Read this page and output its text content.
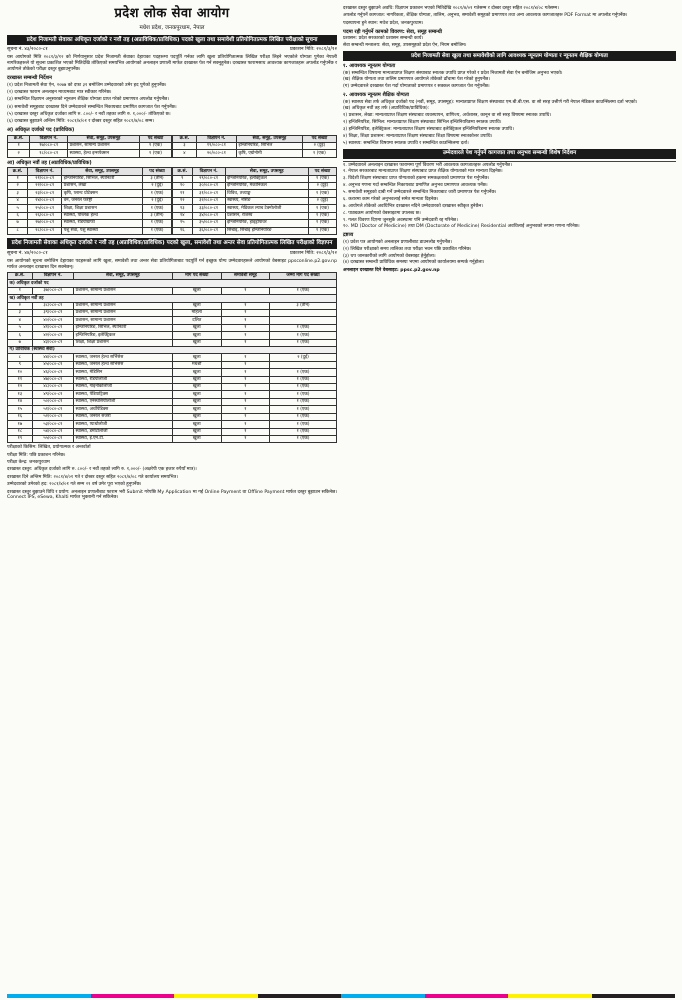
प्रदेश लोक सेवा आयोग
मधेश प्रदेश, जनकपुरधाम, नेपाल
प्रदेश निजामती सेवाका अधिकृत दर्जाको र नवौं तह (अप्राविधिक/प्राविधिक) पदको खुला तथा समावेशी प्रतियोगितात्मक लिखित परीक्षाको सूचना
सूचना नं. ४३/२०८०-८१	प्रकाशन मिति: २०८१/३/१२

यस आयोगको मिति २०८१/३/१२ को निर्णयानुसार प्रदेश निजामती सेवाका देहायका पदहरूमा पदपूर्ति गर्नका लागि खुला प्रतियोगितात्मक लिखित परीक्षा लिइने भएकोले योग्यता पुगेका नेपाली नागरिकहरूले यो सूचना प्रकाशित भएको मितिदेखि तोकिएको समयभित्र आयोगको अनलाइन प्रणाली मार्फत दरखास्त पेश गर्न सक्नुहुनेछ। दरखास्त फारामसाथ आवश्यक कागजातहरू अपलोड गर्नुपर्नेछ र आयोगले तोकेको परीक्षा दस्तुर बुझाउनुपर्नेछ।

दरखास्त सम्बन्धी निर्देशन

(१) प्रदेश निजामती सेवा ऐन, २०७७ को दफा ३१ बमोजिम उम्मेदवारको उमेर हद पुगेको हुनुपर्नेछ।

(२) दरखास्त फाराम अनलाइन माध्यमबाट मात्र स्वीकार गरिनेछ।

(३) सम्बन्धित विज्ञापन अनुसारको न्यूनतम शैक्षिक योग्यता प्राप्त गरेको प्रमाणपत्र अपलोड गर्नुपर्नेछ।

(४) समावेशी समूहबाट दरखास्त दिने उम्मेदवारले सम्बन्धित निकायबाट प्रमाणित कागजात पेश गर्नुपर्नेछ।

(५) दरखास्त दस्तुर अधिकृत दर्जाका लागि रु. ८००/- र नवौं तहका लागि रु. १,०००/- तोकिएको छ।

(६) दरखास्त बुझाउने अन्तिम मिति: २०८१/४/०१ र दोब्बर दस्तुर सहित २०८१/४/०८ सम्म।

अ) अधिकृत दर्जाको पद (प्राविधिक)
क्र.सं.	विज्ञापन नं.	सेवा, समूह, उपसमूह	पद संख्या
१	१७/०८०-८१	प्रशासन, सामान्य प्रशासन	१ (एक)
२	१८/०८०-८१	स्वास्थ्य, हेल्थ इन्सपेक्सन	१ (एक)
क्र.सं.	विज्ञापन नं.	सेवा, समूह, उपसमूह	पद संख्या
३	१९/०८०-८१	इन्जिनियरिङ, सिभिल	२ (दुई)
४	२०/०८०-८१	कृषि, एग्रोनोमी	१ (एक)
आ) अधिकृत नवौं तह (अप्राविधिक/प्राविधिक)
क्र.सं.	विज्ञापन नं.	सेवा, समूह, उपसमूह	पद संख्या
१	२१/०८०-८१	इन्जिनियरिङ, सिभिल, स्यानिटरी	३ (तीन)
२	२२/०८०-८१	प्रशासन, लेखा	२ (दुई)
३	२३/०८०-८१	कृषि, प्लान्ट प्रोटेक्सन	१ (एक)
४	२४/०८०-८१	वन, जनरल फरेष्ट्री	२ (दुई)
५	२५/०८०-८१	शिक्षा, शिक्षा प्रशासन	१ (एक)
६	२६/०८०-८१	स्वास्थ्य, पब्लिक हेल्थ	३ (तीन)
७	२७/०८०-८१	स्वास्थ्य, रेडियोग्राफी	१ (एक)
८	२८/०८०-८१	पशु सेवा, पशु स्वास्थ्य	१ (एक)
क्र.सं.	विज्ञापन नं.	सेवा, समूह, उपसमूह	पद संख्या
९	२९/०८०-८१	इन्जिनियरिङ, इलेक्ट्रिकल	१ (एक)
१०	३०/०८०-८१	इन्जिनियरिङ, मेकानिकल	२ (दुई)
११	३१/०८०-८१	विविध, तथ्याङ्क	१ (एक)
१२	३२/०८०-८१	स्वास्थ्य, नर्सिङ	२ (दुई)
१३	३३/०८०-८१	स्वास्थ्य, मेडिकल ल्याब टेक्नोलोजी	१ (एक)
१४	३४/०८०-८१	प्रशासन, राजस्व	१ (एक)
१५	३५/०८०-८१	इन्जिनियरिङ, हाइड्रोपावर	१ (एक)
१६	३६/०८०-८१	सिंचाइ, सिंचाइ इन्जिनियरिङ	१ (एक)
प्रदेश निजामती सेवाका अधिकृत दर्जाको र नवौं तह (अप्राविधिक/प्राविधिक) पदको खुला, समावेशी तथा अन्तर सेवा प्रतियोगितात्मक लिखित परीक्षाको विज्ञापन
सूचना नं. ४४/२०८०-८१	प्रकाशन मिति: २०८१/३/१२

यस आयोगको सूचना बमोजिम देहायका पदहरूको लागि खुला, समावेशी तथा अन्तर सेवा प्रतियोगिताबाट पदपूर्ति गर्न इच्छुक योग्य उम्मेदवारहरूले आयोगको वेबसाइट ppsconline.p2.gov.np मार्फत अनलाइन दरखास्त दिन सक्नेछन्।

क्र.सं.	विज्ञापन नं.	सेवा, समूह, उपसमूह	माग पद संख्या	समावेशी समूह	जम्मा माग पद संख्या
क) अधिकृत दर्जाको पद					
१	३७/०८०-८१	प्रशासन, सामान्य प्रशासन	खुला	१	१ (एक)
ख) अधिकृत नवौं तह					
२	३८/०८०-८१	प्रशासन, सामान्य प्रशासन	खुला	१	३ (तीन)
३	३९/०८०-८१	प्रशासन, सामान्य प्रशासन	महिला	१	
४	४०/०८०-८१	प्रशासन, सामान्य प्रशासन	दलित	१	
५	४१/०८०-८१	इन्जिनियरिङ, सिभिल, स्यानिटरी	खुला	१	१ (एक)
६	४२/०८०-८१	इन्जिनियरिङ, इलेक्ट्रिकल	खुला	१	१ (एक)
७	४३/०८०-८१	शिक्षा, शिक्षा प्रशासन	खुला	१	१ (एक)
ग) प्राविधिक (स्वास्थ्य सेवा)					
८	४४/०८०-८१	स्वास्थ्य, जनरल हेल्थ सर्भिसेस	खुला	१	२ (दुई)
९	४५/०८०-८१	स्वास्थ्य, जनरल हेल्थ सर्भिसेस	मधेशी	१	
१०	४६/०८०-८१	स्वास्थ्य, मेडिसिन	खुला	१	१ (एक)
११	४७/०८०-८१	स्वास्थ्य, रेडियोलोजी	खुला	१	१ (एक)
१२	४८/०८०-८१	स्वास्थ्य, गाइनोकोलोजी	खुला	१	१ (एक)
१३	४९/०८०-८१	स्वास्थ्य, पेडियाट्रिक्स	खुला	१	१ (एक)
१४	५०/०८०-८१	स्वास्थ्य, एनेस्थेसियोलोजी	खुला	१	१ (एक)
१५	५१/०८०-८१	स्वास्थ्य, अर्थोपेडिक्स	खुला	१	१ (एक)
१६	५२/०८०-८१	स्वास्थ्य, जनरल सर्जरी	खुला	१	१ (एक)
१७	५३/०८०-८१	स्वास्थ्य, प्याथोलोजी	खुला	१	१ (एक)
१८	५४/०८०-८१	स्वास्थ्य, डर्माटोलोजी	खुला	१	१ (एक)
१९	५५/०८०-८१	स्वास्थ्य, ई.एन.टी.	खुला	१	१ (एक)

परीक्षाको किसिम: लिखित, प्रयोगात्मक र अन्तर्वार्ता

परीक्षा मिति: पछि प्रकाशन गरिनेछ।

परीक्षा केन्द्र: जनकपुरधाम

दरखास्त दस्तुर: अधिकृत दर्जाको लागि रु. ८००/- र नवौं तहको लागि रु. १,०००/- (अक्षरेपी एक हजार रुपैयाँ मात्र)।

दरखास्त दिने अन्तिम मिति: २०८१/४/०१ गते र दोब्बर दस्तुर सहित २०८१/४/०८ गते कार्यालय समयभित्र।

उम्मेदवारको उमेरको हद: २०८१/४/०१ गते सम्म २१ वर्ष उमेर पूरा भएको हुनुपर्नेछ।

दरखास्त दस्तुर बुझाउने विधि र प्रयोग: अनलाइन प्रणालीबाट फाराम भरी Submit गरेपछि My Application मा गई Online Payment वा Offline Payment मार्फत दस्तुर बुझाउन सकिनेछ। Connect IPS, eSewa, Khalti मार्फत भुक्तानी गर्न सकिनेछ।

दरखास्त दस्तुर बुझाउने अवधि: विज्ञापन प्रकाशन भएको मितिदेखि २०८१/४/०१ गतेसम्म र दोब्बर दस्तुर सहित २०८१/४/०८ गतेसम्म।

अपलोड गर्नुपर्ने कागजात: नागरिकता, शैक्षिक योग्यता, तालिम, अनुभव, समावेशी समूहको प्रमाणपत्र तथा अन्य आवश्यक कागजातहरू PDF Format मा अपलोड गर्नुपर्नेछ।

पदस्थापना हुने स्थान: मधेश प्रदेश, जनकपुरधाम।

पदमा रही गर्नुपर्ने कामको विवरण: सेवा, समूह सम्बन्धी

प्रशासन: प्रदेश सरकारको प्रशासन सम्बन्धी कार्य।

सेवा सम्बन्धी मन्त्रालय: सेवा, समूह, उपसमूहको प्रदेश ऐन, नियम बमोजिम।

प्रदेश निजामती सेवा खुला तथा समावेशीको लागि आवश्यक न्यूनतम योग्यता र न्यूनतम शैक्षिक योग्यता
१. आवश्यक न्यूनतम योग्यता

(क) सम्बन्धित विषयमा मान्यताप्राप्त शिक्षण संस्थाबाट स्नातक उपाधि प्राप्त गरेको र प्रदेश निजामती सेवा ऐन बमोजिम अनुभव भएको।

(ख) शैक्षिक योग्यता तथा तालिम प्रमाणपत्र आयोगले तोकेको ढाँचामा पेश गरेको हुनुपर्नेछ।

(ग) उम्मेदवारले दरखास्त पेश गर्दा योग्यताको प्रमाणपत्र र सक्कल कागजात पेश गर्नुपर्नेछ।

२. आवश्यक न्यूनतम शैक्षिक योग्यता

(क) स्वास्थ्य सेवा तर्फ अधिकृत दर्जाको पद (नवौं, समूह, उपसमूह): मान्यताप्राप्त शिक्षण संस्थाबाट एम.बी.बी.एस. वा सो सरह उत्तीर्ण गरी नेपाल मेडिकल काउन्सिलमा दर्ता भएको।

(ख) अधिकृत नवौं तह तर्फ (अप्राविधिक/प्राविधिक):

१) प्रशासन, लेखा: मान्यताप्राप्त शिक्षण संस्थाबाट व्यवस्थापन, वाणिज्य, अर्थशास्त्र, कानून वा सो सरह विषयमा स्नातक उपाधि।

२) इन्जिनियरिङ, सिभिल: मान्यताप्राप्त शिक्षण संस्थाबाट सिभिल इन्जिनियरिङमा स्नातक उपाधि।

३) इन्जिनियरिङ, इलेक्ट्रिकल: मान्यताप्राप्त शिक्षण संस्थाबाट इलेक्ट्रिकल इन्जिनियरिङमा स्नातक उपाधि।

४) शिक्षा, शिक्षा प्रशासन: मान्यताप्राप्त शिक्षण संस्थाबाट शिक्षा विषयमा स्नातकोत्तर उपाधि।

५) स्वास्थ्य: सम्बन्धित विषयमा स्नातक उपाधि र सम्बन्धित काउन्सिलमा दर्ता।

उम्मेदवारले पेश गर्नुपर्ने कागजात तथा अनुभव सम्बन्धी विशेष निर्देशन

१. उम्मेदवारले अनलाइन दरखास्त फाराममा पूर्ण विवरण भरी आवश्यक कागजातहरू अपलोड गर्नुपर्नेछ।

२. नेपाल सरकारबाट मान्यताप्राप्त शिक्षण संस्थाबाट प्राप्त शैक्षिक योग्यताको मात्र मान्यता दिइनेछ।

३. विदेशी शिक्षण संस्थाबाट प्राप्त योग्यताको हकमा समकक्षताको प्रमाणपत्र पेश गर्नुपर्नेछ।

४. अनुभव गणना गर्दा सम्बन्धित निकायबाट प्रमाणित अनुभव प्रमाणपत्र आवश्यक पर्नेछ।

५. समावेशी समूहको दाबी गर्ने उम्मेदवारले सम्बन्धित निकायबाट जारी प्रमाणपत्र पेश गर्नुपर्नेछ।

६. करारमा काम गरेको अनुभवलाई समेत मान्यता दिइनेछ।

७. आयोगले तोकेको अवधिभित्र दरखास्त नदिने उम्मेदवारको दरखास्त स्वीकृत हुनेछैन।

८. पाठ्यक्रम आयोगको वेबसाइटमा उपलब्ध छ।

९. गलत विवरण दिएमा जुनसुकै अवस्थामा पनि उम्मेदवारी रद्द गरिनेछ।

१०. MD (Doctor of Medicine) तथा DM (Doctorate of Medicine) Residential अवधिलाई अनुभवको रूपमा गणना गरिनेछ।

द्रष्टव्य

(१) प्रवेश पत्र आयोगको अनलाइन प्रणालीबाट डाउनलोड गर्नुपर्नेछ।

(२) लिखित परीक्षाको समय तालिका तथा परीक्षा भवन पछि प्रकाशित गरिनेछ।

(३) थप जानकारीको लागि आयोगको वेबसाइट हेर्नुहोला।

(४) दरखास्त सम्बन्धी प्राविधिक समस्या भएमा आयोगको कार्यालयमा सम्पर्क गर्नुहोला।

अनलाइन दरखास्त दिने वेबसाइट: ppsc.p2.gov.np
